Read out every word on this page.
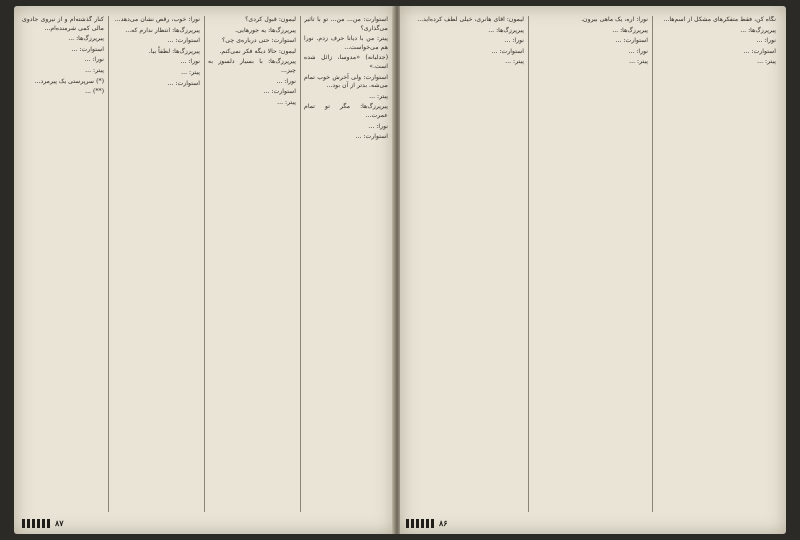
کنار گذشته‌ام و از نیروی جادوی مالی کمی شرمنده‌ام...

پیرپرزگ‌ها: ...

استوارت: ...

نورا: ...

پیتر: ...

(*) سرپرستی یک پیرمرد...

(**) ...

نورا: خوب، رقص نشان می‌دهد...

پیرپرزگ‌ها: انتظار ندارم که...

استوارت: ...

پیرپرزگ‌ها: لطفاً بیا.

نورا: ...

پیتر: ...

استوارت: ...

لیمون: قبول کردی؟

پیرپرزگ‌ها: یه جورهایی.

استوارت: حتی درباره‌ی چی؟

لیمون: حالا دیگه فکر نمی‌کنم.

پیرپرزگ‌ها: با بسیار دلسوز به چیز...

نورا: ...

استوارت: ...

پیتر: ...

استوارت: من... من... تو با تأثیر می‌گذاری؟

پیتر: من با دیانا حرف زدم. نورا هم می‌خواست...

(جدلیانه) «مدوسا، زائل شده است.»

استوارت: ولی آخرش خوب تمام می‌شه. بدتر از آن بود...

پیتر: ...

پیرپرزگ‌ها: مگر تو تمام عمرت...

نورا: ...

استوارت: ...

۸۷

لیمون: آقای هانری، خیلی لطف کرده‌اید...

پیرپرزگ‌ها: ...

نورا: ...

استوارت: ...

پیتر: ...

نورا: آره، یک ماهی بیرون.

پیرپرزگ‌ها: ...

استوارت: ...

نورا: ...

پیتر: ...

نگاه کن، فقط متفکرهای مشکل از اسم‌ها...

پیرپرزگ‌ها: ...

نورا: ...

استوارت: ...

پیتر: ...

۸۶
